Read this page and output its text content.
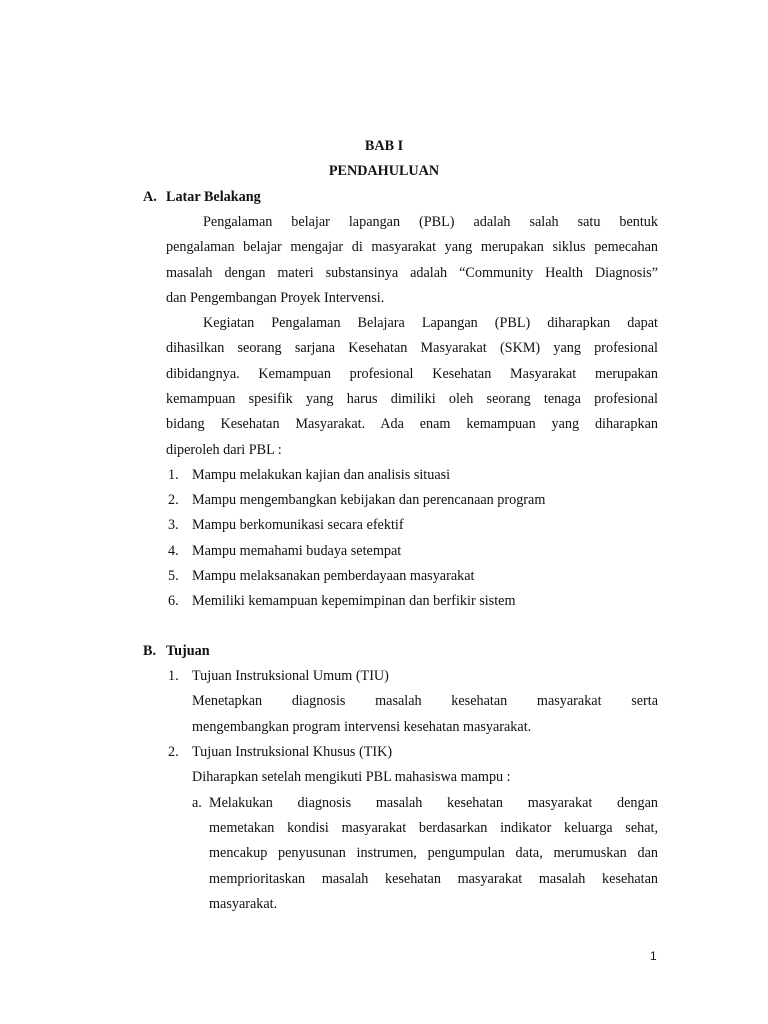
BAB I
PENDAHULUAN
A. Latar Belakang
Pengalaman belajar lapangan (PBL) adalah salah satu bentuk
pengalaman belajar mengajar di masyarakat yang merupakan siklus pemecahan
masalah dengan materi substansinya adalah “Community Health Diagnosis”
dan Pengembangan Proyek Intervensi.
Kegiatan Pengalaman Belajara Lapangan (PBL) diharapkan dapat
dihasilkan seorang sarjana Kesehatan Masyarakat (SKM) yang profesional
dibidangnya. Kemampuan profesional Kesehatan Masyarakat merupakan
kemampuan spesifik yang harus dimiliki oleh seorang tenaga profesional
bidang Kesehatan Masyarakat. Ada enam kemampuan yang diharapkan
diperoleh dari PBL :
1. Mampu melakukan kajian dan analisis situasi
2. Mampu mengembangkan kebijakan dan perencanaan program
3. Mampu berkomunikasi secara efektif
4. Mampu memahami budaya setempat
5. Mampu melaksanakan pemberdayaan masyarakat
6. Memiliki kemampuan kepemimpinan dan berfikir sistem
B. Tujuan
1. Tujuan Instruksional Umum (TIU)
Menetapkan diagnosis masalah kesehatan masyarakat serta
mengembangkan program intervensi kesehatan masyarakat.
2. Tujuan Instruksional Khusus (TIK)
Diharapkan setelah mengikuti PBL mahasiswa mampu :
a. Melakukan diagnosis masalah kesehatan masyarakat dengan
memetakan kondisi masyarakat berdasarkan indikator keluarga sehat,
mencakup penyusunan instrumen, pengumpulan data, merumuskan dan
memprioritaskan masalah kesehatan masyarakat masalah kesehatan
masyarakat.
1
